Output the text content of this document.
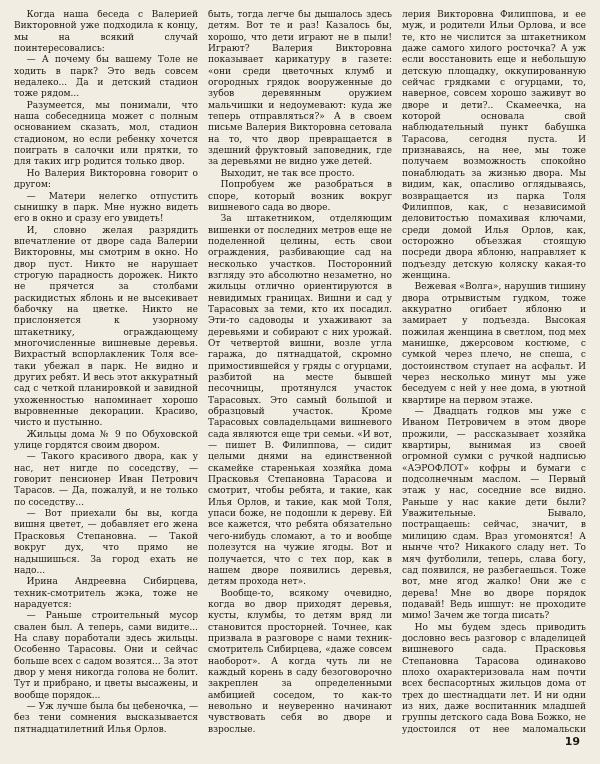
Когда наша беседа с Валерией Викторовной уже подходила к концу, мы на всякий случай поинтересовались:

— А почему бы вашему Толе не ходить в парк? Это ведь совсем недалеко... Да и детский стадион тоже рядом...

Разумеется, мы понимали, что наша собеседница может с полным основанием сказать, мол, стадион стадионом, но если ребенку хочется поиграть в салочки или прятки, то для таких игр родится только двор.

Но Валерия Викторовна говорит о другом:

— Матери нелегко отпустить сынишку в парк. Мне нужно видеть его в окно и сразу его увидеть!

И, словно желая разрядить впечатление от дворе сада Валерии Викторовны, мы смотрим в окно. Но двор пуст. Никто не нарушает строгую парадность дорожек. Никто не прячется за столбами раскидистых яблонь и не высекивает бабочку на цветке. Никто не прислоняется к узорному штакетнику, ограждающему многочисленные вишневые деревья. Вихрастый вспорлакленик Толя все-таки убежал в парк. Не видно и других ребят. И весь этот аккуратный сад с четкой планировкой и завидной ухоженностью напоминает хорошо выровненные декорации. Красиво, чисто и пустынно.

Жильцы дома № 9 по Обуховской улице гордятся своим двором.

— Такого красивого двора, как у нас, нет нигде по соседству, — говорит пенсионер Иван Петрович Тарасов. — Да, пожалуй, и не только по соседству...

— Вот приехали бы вы, когда вишня цветет, — добавляет его жена Прасковья Степановна. — Такой вокруг дух, что прямо не надышишься. За город ехать не надо...

Ирина Андреевна Сибирцева, техник-смотритель жэка, тоже не нарадуется:

— Раньше строительный мусор свален был. А теперь, сами видите... На славу поработали здесь жильцы. Особенно Тарасовы. Они и сейчас больше всех с садом возятся... За этот двор у меня никогда голова не болит. Тут и прибрано, и цветы высажены, и вообще порядок...

— Уж лучше была бы цебеночка, — без тени сомнения высказывается пятнадцатилетний Илья Орлов.

быть, тогда легче бы дышалось здесь детям. Вот те и раз! Казалось бы, хорошо, что дети играют не в пыли! Играют? Валерия Викторовна показывает карикатуру в газете: «они среди цветочных клумб и огородных грядок вооруженные до зубов деревянным оружием мальчишки и недоумевают: куда же теперь отправляться?» А в своем письме Валерия Викторовна сетовала на то, что двор превращается в здешний фруктовый заповедник, где за деревьями не видно уже детей.

Выходит, не так все просто.

Попробуем же разобраться в споре, который возник вокруг вишневого сада во дворе.

За штакетником, отделяющим вишенки от последних метров еще не поделенной целины, есть свои ограждения, разбивающие сад на несколько участков. Посторонний взгляду это абсолютно незаметно, но жильцы отлично ориентируются в невидимых границах. Вишни и сад у Тарасовых за теми, кто их посадил. Эти-то садоводы и ухаживают за деревьями и собирают с них урожай. От четвертой вишни, возле угла гаража, до пятнадцатой, скромно примостившейся у гряды с огурцами, разбитой на месте бывшей песочницы, протянулся участок Тарасовых. Это самый большой и образцовый участок. Кроме Тарасовых совладельцами вишневого сада являются еще три семьи. «И вот, — пишет В. Филиппова, — сидит целыми днями на единственной скамейке старенькая хозяйка дома Прасковья Степановна Тарасова и смотрит, чтобы ребята, и такие, как Илья Орлов, и такие, как мой Толя, упаси боже, не подошли к дереву. Ей все кажется, что ребята обязательно чего-нибудь сломают, а то и вообще полезутся на чужие ягоды. Вот и получается, что с тех пор, как в нашем дворе появились деревья, детям прохода нет».

Вообще-то, всякому очевидно, когда во двор приходят деревья, кусты, клумбы, то детям вряд ли становится просторней. Точнее, как призвала в разговоре с нами техник-смотритель Сибирцева, «даже совсем наоборот». А когда чуть ли не каждый корень в саду безоговорочно закреплен за определенными амбицией соседом, то как-то невольно и неуверенно начинают чувствовать себя во дворе и взрослые.

лерия Викторовна Филиппова, и ее муж, и родители Ильи Орлова, и все те, кто не числится за штакетником даже самого хилого росточка? А уж если восстановить еще и небольшую детскую площадку, оккупированную сейчас грядками с огурцами, то, наверное, совсем хорошо заживут во дворе и дети?.. Скамеечка, на которой основала свой наблюдательный пункт бабушка Тарасова, сегодня пуста. И признаваясь, на нее, мы тоже получаем возможность спокойно понаблюдать за жизнью двора. Мы видим, как, опасливо оглядываясь, возвращается из парка Толя Филиппов, как, с независимой деловитостью помахивая ключами, среди домой Илья Орлов, как, осторожно объезжая стоящую посреди двора яблоню, направляет к подъезду детскую коляску какая-то женщина.

Вежевая «Волга», нарушив тишину двора отрывистым гудком, тоже аккуратно огибает яблоню и замирает у подъезда. Высокая пожилая женщина в светлом, под мех манишке, джерсовом костюме, с сумкой через плечо, не спеша, с достоинством ступает на асфальт. И через несколько минут мы уже беседуем с ней у нее дома, в уютной квартире на первом этаже.

— Двадцать годков мы уже с Иваном Петровичем в этом дворе прожили, — рассказывает хозяйка квартиры, вынимая из своей огромной сумки с ручкой надписью «АЭРОФЛОТ» кофры и бумаги с подсолнечным маслом. — Первый этаж у нас, соседние все видно. Раньше у нас какие дети были? Уважительные. Бывало, постращаешь: сейчас, значит, в милицию сдам. Враз угомонятся! А нынче что? Никакого сладу нет. То мяч футболили, теперь, слава богу, сад появился, не разбегаешься. Тоже вот, мне ягод жалко! Они же с дерева! Мне во дворе порядок подавай! Ведь ишшут: не проходите мимо! Зачем же тогда писать?

Но мы будем здесь приводить дословно весь разговор с владелицей вишневого сада. Прасковья Степановна Тарасова одинаково плохо охарактеризовала нам почти всех беспасортных жильцов дома от трех до шестнадцати лет. И ни одни из них, даже воспитанник младшей группы детского сада Вова Божко, не удостоился от нее маломальски

19
